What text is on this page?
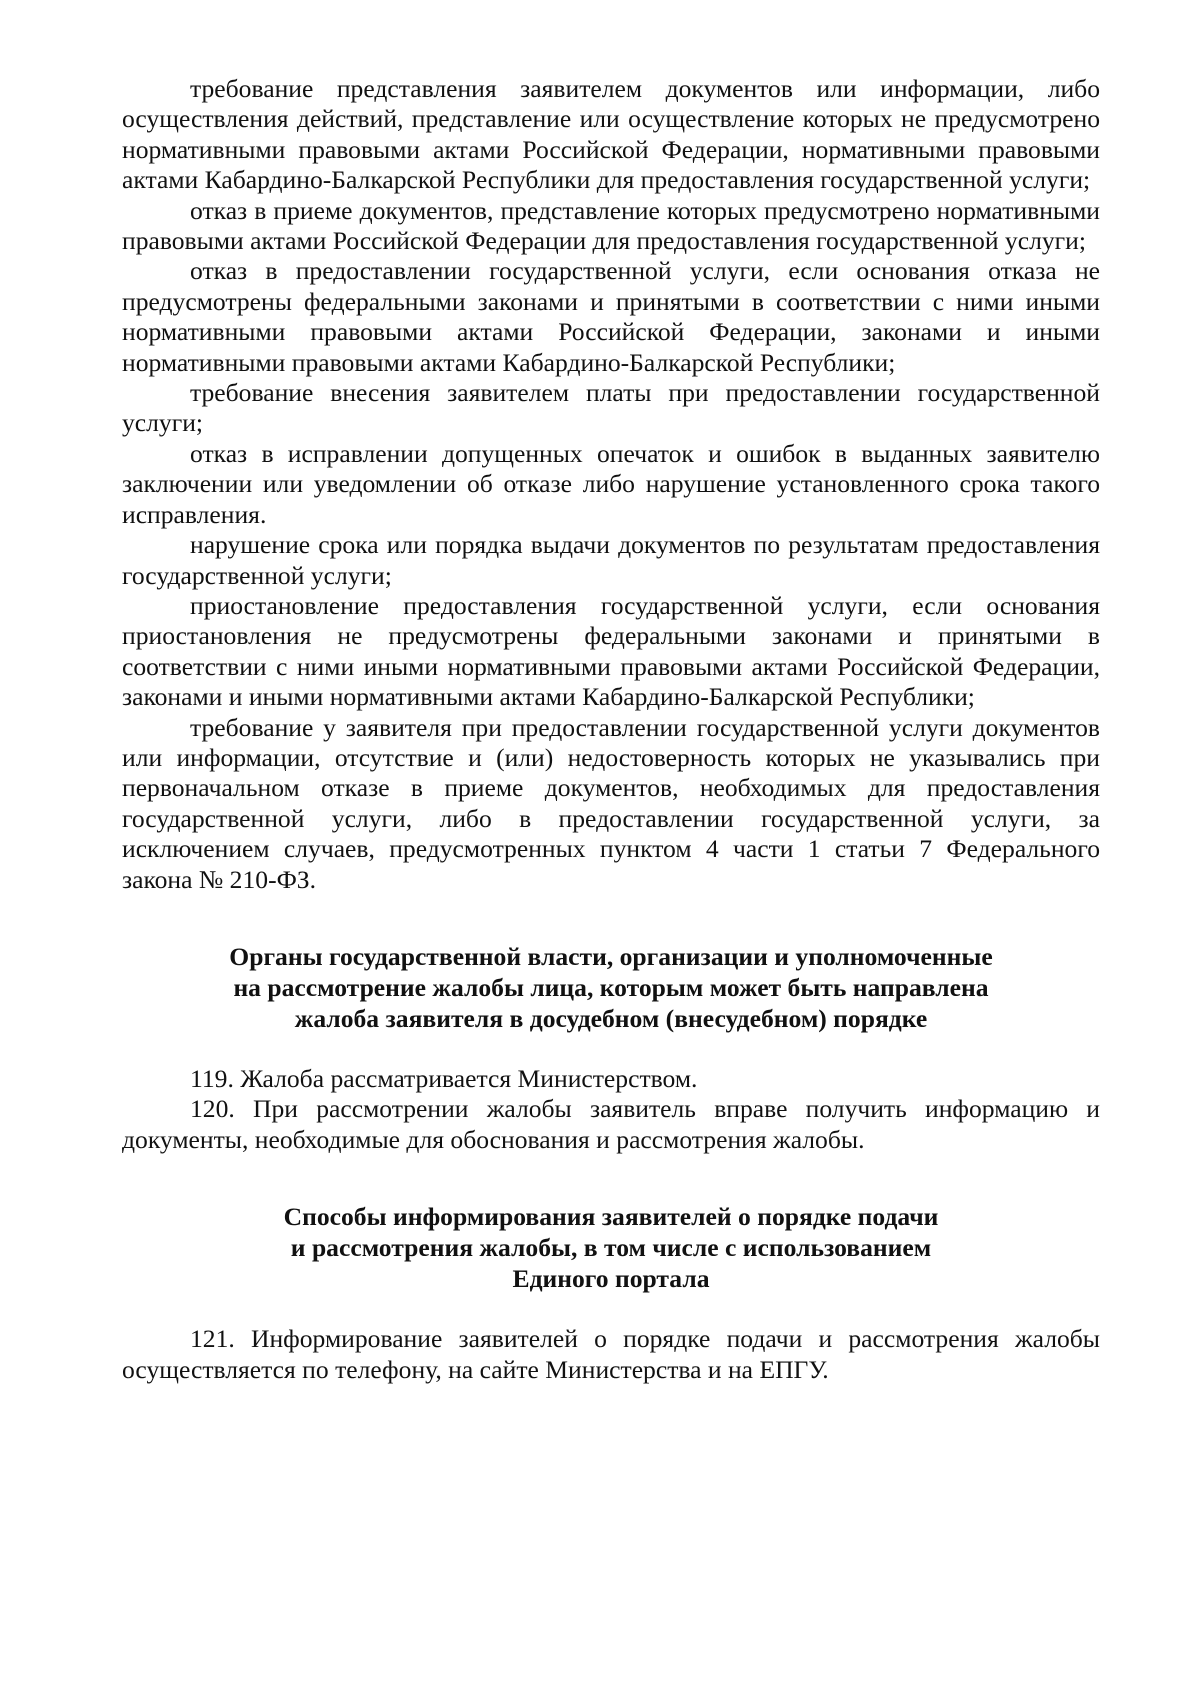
требование представления заявителем документов или информации, либо осуществления действий, представление или осуществление которых не предусмотрено нормативными правовыми актами Российской Федерации, нормативными правовыми актами Кабардино-Балкарской Республики для предоставления государственной услуги;

отказ в приеме документов, представление которых предусмотрено нормативными правовыми актами Российской Федерации для предоставления государственной услуги;

отказ в предоставлении государственной услуги, если основания отказа не предусмотрены федеральными законами и принятыми в соответствии с ними иными нормативными правовыми актами Российской Федерации, законами и иными нормативными правовыми актами Кабардино-Балкарской Республики;

требование внесения заявителем платы при предоставлении государственной услуги;

отказ в исправлении допущенных опечаток и ошибок в выданных заявителю заключении или уведомлении об отказе либо нарушение установленного срока такого исправления.

нарушение срока или порядка выдачи документов по результатам предоставления государственной услуги;

приостановление предоставления государственной услуги, если основания приостановления не предусмотрены федеральными законами и принятыми в соответствии с ними иными нормативными правовыми актами Российской Федерации, законами и иными нормативными актами Кабардино-Балкарской Республики;

требование у заявителя при предоставлении государственной услуги документов или информации, отсутствие и (или) недостоверность которых не указывались при первоначальном отказе в приеме документов, необходимых для предоставления государственной услуги, либо в предоставлении государственной услуги, за исключением случаев, предусмотренных пунктом 4 части 1 статьи 7 Федерального закона № 210-ФЗ.

Органы государственной власти, организации и уполномоченные
на рассмотрение жалобы лица, которым может быть направлена
жалоба заявителя в досудебном (внесудебном) порядке

119. Жалоба рассматривается Министерством.

120. При рассмотрении жалобы заявитель вправе получить информацию и документы, необходимые для обоснования и рассмотрения жалобы.

Способы информирования заявителей о порядке подачи
и рассмотрения жалобы, в том числе с использованием
Единого портала

121. Информирование заявителей о порядке подачи и рассмотрения жалобы осуществляется по телефону, на сайте Министерства и на ЕПГУ.
